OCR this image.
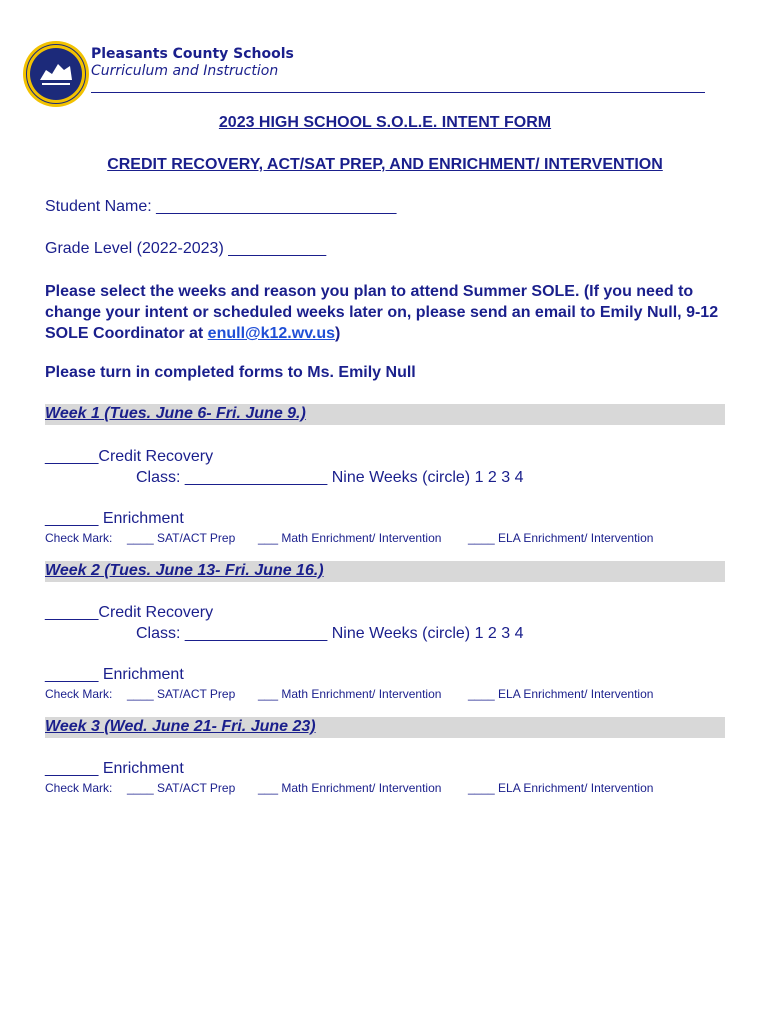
Pleasants County Schools
Curriculum and Instruction
2023 HIGH SCHOOL S.O.L.E. INTENT FORM
CREDIT RECOVERY, ACT/SAT PREP, AND ENRICHMENT/ INTERVENTION
Student Name: ___________________________
Grade Level (2022-2023) ___________
Please select the weeks and reason you plan to attend Summer SOLE. (If you need to change your intent or scheduled weeks later on, please send an email to Emily Null, 9-12 SOLE Coordinator at enull@k12.wv.us)
Please turn in completed forms to Ms. Emily Null
Week 1 (Tues. June 6- Fri. June 9.)
______Credit Recovery
Class: ________________ Nine Weeks (circle) 1 2 3 4
______ Enrichment
Check Mark: ____ SAT/ACT Prep ___ Math Enrichment/ Intervention ____ ELA Enrichment/ Intervention
Week 2 (Tues. June 13- Fri. June 16.)
______Credit Recovery
Class: ________________ Nine Weeks (circle) 1 2 3 4
______ Enrichment
Check Mark: ____ SAT/ACT Prep ___ Math Enrichment/ Intervention ____ ELA Enrichment/ Intervention
Week 3 (Wed. June 21- Fri. June 23)
______ Enrichment
Check Mark: ____ SAT/ACT Prep ___ Math Enrichment/ Intervention ____ ELA Enrichment/ Intervention
